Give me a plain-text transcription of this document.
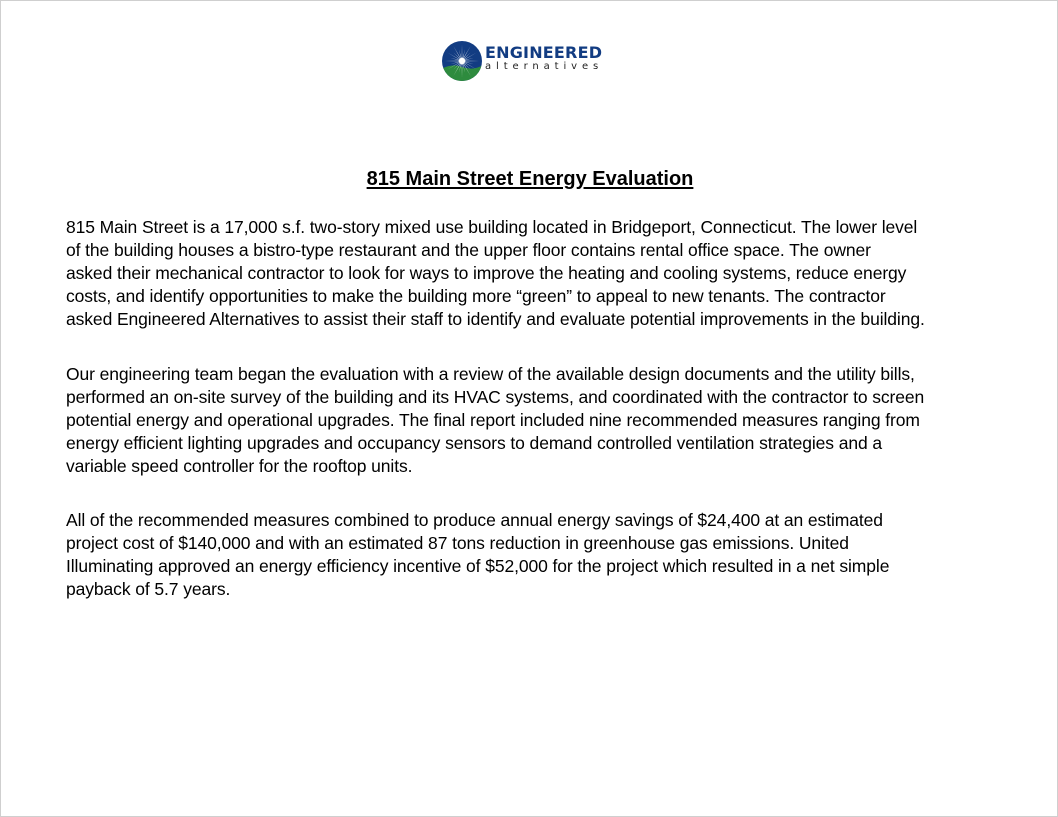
ENGINEERED
alternatives
815 Main Street Energy Evaluation

815 Main Street is a 17,000 s.f. two-story mixed use building located in Bridgeport, Connecticut. The lower level
of the building houses a bistro-type restaurant and the upper floor contains rental office space. The owner
asked their mechanical contractor to look for ways to improve the heating and cooling systems, reduce energy
costs, and identify opportunities to make the building more “green” to appeal to new tenants. The contractor
asked Engineered Alternatives to assist their staff to identify and evaluate potential improvements in the building.

Our engineering team began the evaluation with a review of the available design documents and the utility bills,
performed an on-site survey of the building and its HVAC systems, and coordinated with the contractor to screen
potential energy and operational upgrades. The final report included nine recommended measures ranging from
energy efficient lighting upgrades and occupancy sensors to demand controlled ventilation strategies and a
variable speed controller for the rooftop units.

All of the recommended measures combined to produce annual energy savings of $24,400 at an estimated
project cost of $140,000 and with an estimated 87 tons reduction in greenhouse gas emissions. United
Illuminating approved an energy efficiency incentive of $52,000 for the project which resulted in a net simple
payback of 5.7 years.
